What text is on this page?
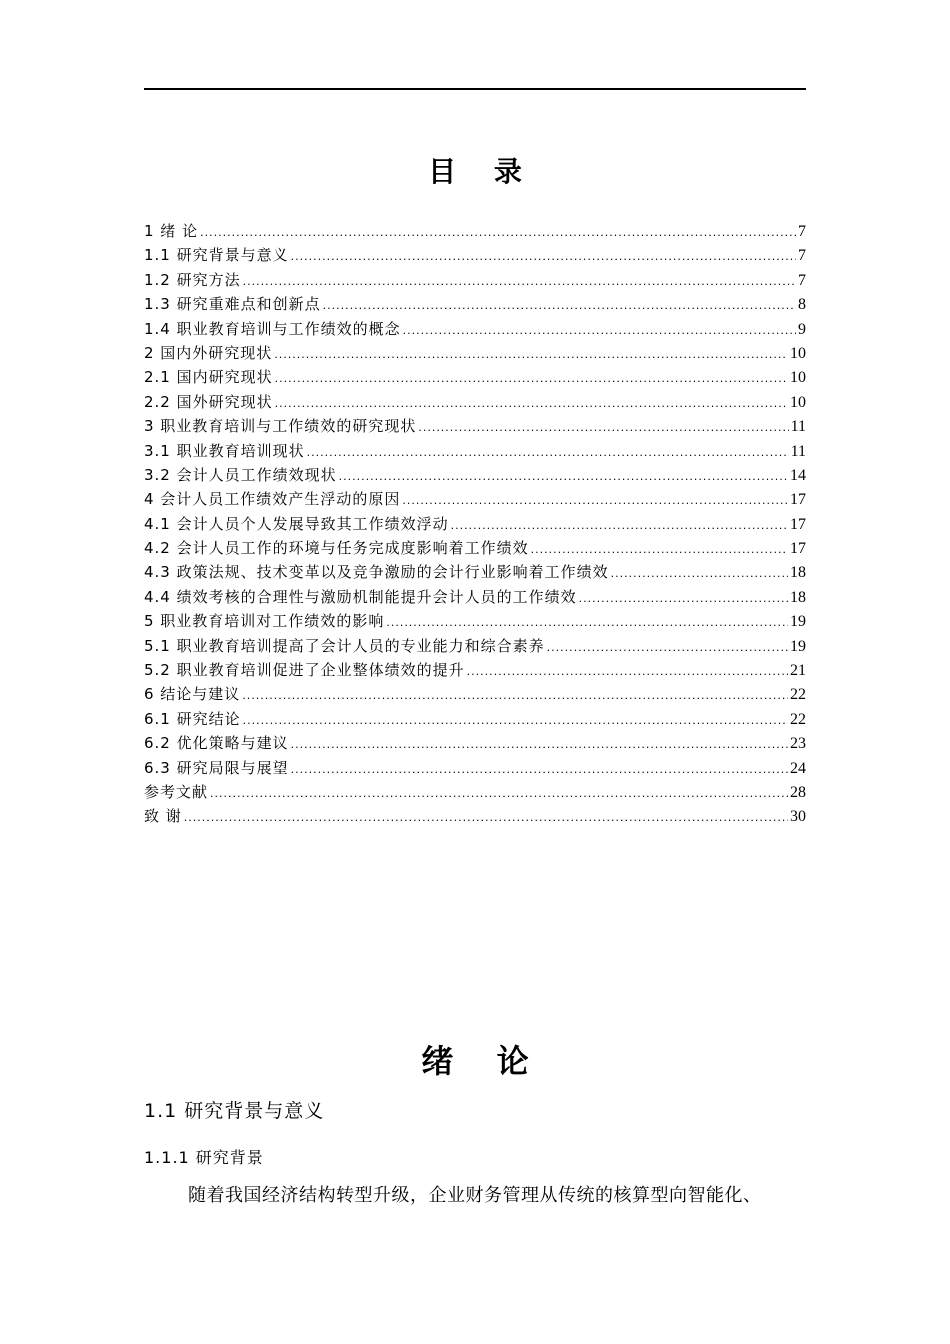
目 录
1 绪 论 .....	7
1.1 研究背景与意义 .....	7
1.2 研究方法 .....	7
1.3 研究重难点和创新点 .....	8
1.4 职业教育培训与工作绩效的概念 .....	9
2 国内外研究现状 .....	10
2.1 国内研究现状 .....	10
2.2 国外研究现状 .....	10
3 职业教育培训与工作绩效的研究现状 .....	11
3.1 职业教育培训现状 .....	11
3.2 会计人员工作绩效现状 .....	14
4 会计人员工作绩效产生浮动的原因 .....	17
4.1 会计人员个人发展导致其工作绩效浮动 .....	17
4.2 会计人员工作的环境与任务完成度影响着工作绩效 .....	17
4.3 政策法规、技术变革以及竞争激励的会计行业影响着工作绩效 .....	18
4.4 绩效考核的合理性与激励机制能提升会计人员的工作绩效 .....	18
5 职业教育培训对工作绩效的影响 .....	19
5.1 职业教育培训提高了会计人员的专业能力和综合素养 .....	19
5.2 职业教育培训促进了企业整体绩效的提升 .....	21
6 结论与建议 .....	22
6.1 研究结论 .....	22
6.2 优化策略与建议 .....	23
6.3 研究局限与展望 .....	24
参考文献 .....	28
致 谢 .....	30
绪 论
1.1 研究背景与意义
1.1.1 研究背景
随着我国经济结构转型升级，企业财务管理从传统的核算型向智能化、
